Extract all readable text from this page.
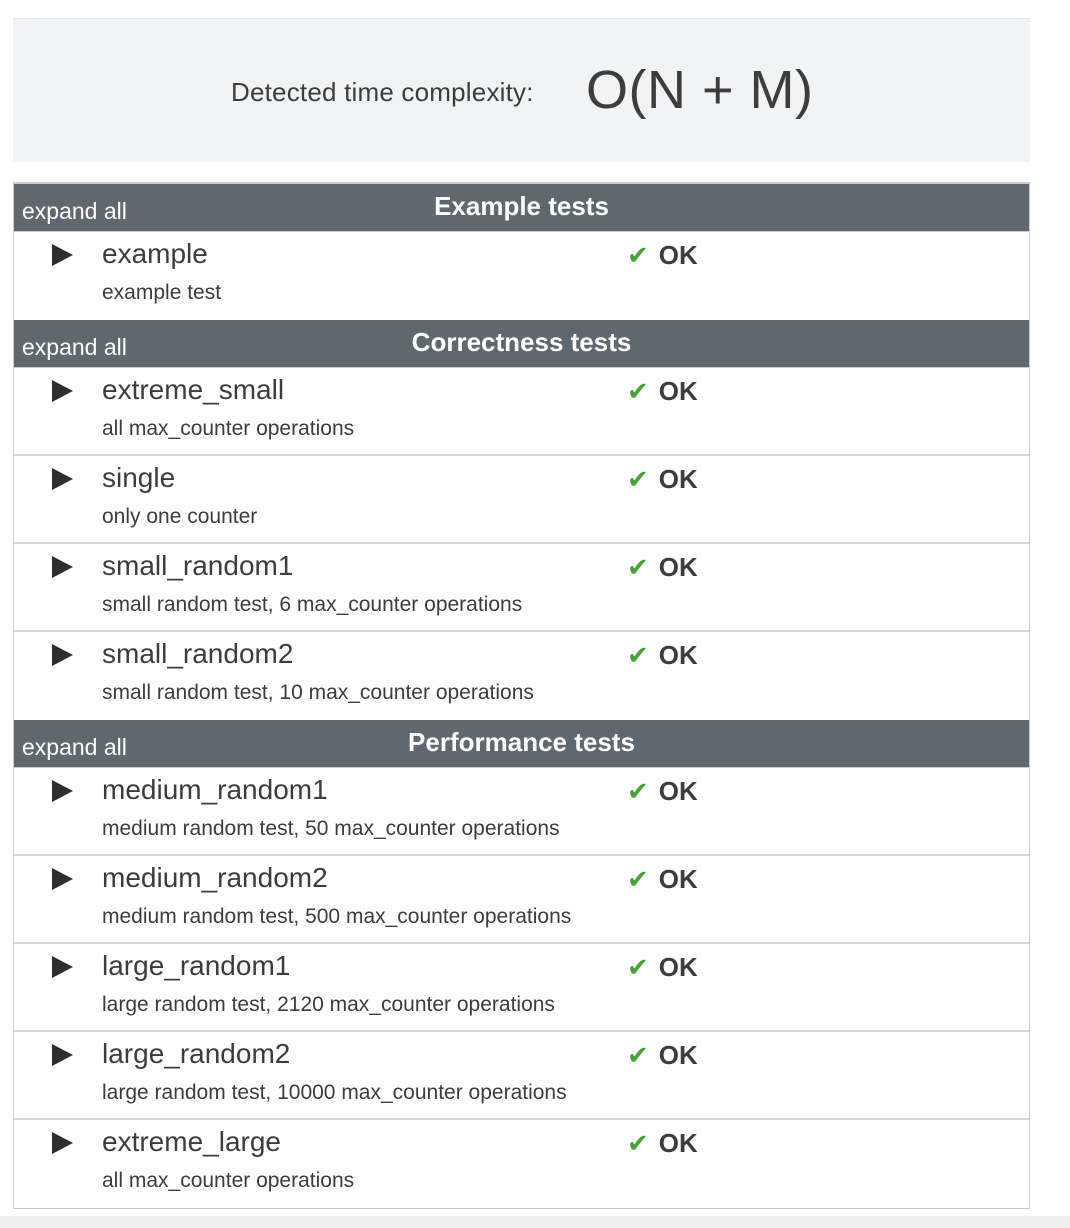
Detected time complexity: O(N + M)
expand all	Example tests
example
example test
✔ OK
expand all	Correctness tests
extreme_small
all max_counter operations
✔ OK
single
only one counter
✔ OK
small_random1
small random test, 6 max_counter operations
✔ OK
small_random2
small random test, 10 max_counter operations
✔ OK
expand all	Performance tests
medium_random1
medium random test, 50 max_counter operations
✔ OK
medium_random2
medium random test, 500 max_counter operations
✔ OK
large_random1
large random test, 2120 max_counter operations
✔ OK
large_random2
large random test, 10000 max_counter operations
✔ OK
extreme_large
all max_counter operations
✔ OK
